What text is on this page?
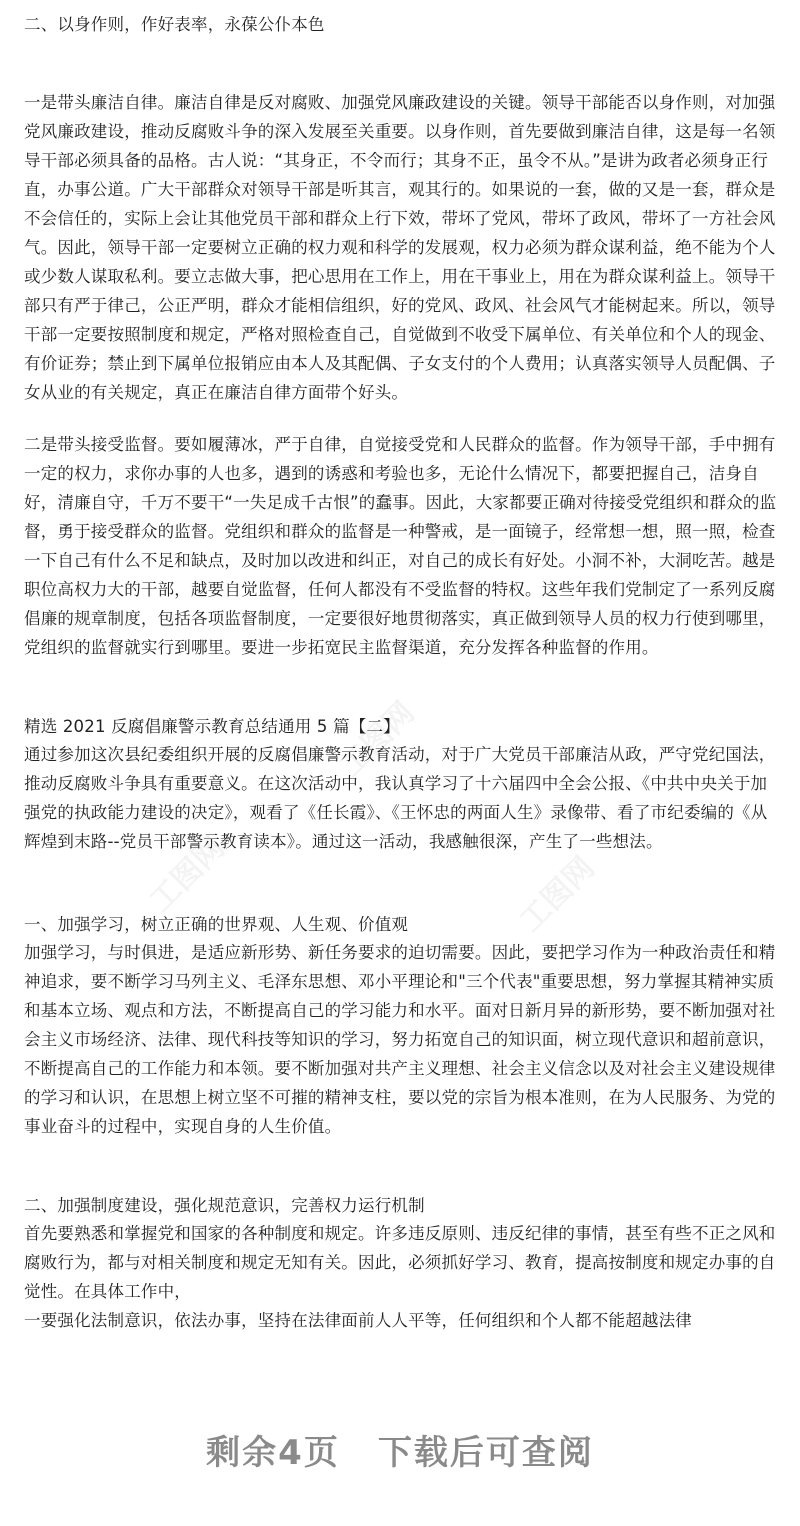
工图网
工图网	工图网
二、以身作则，作好表率，永葆公仆本色
一是带头廉洁自律。廉洁自律是反对腐败、加强党风廉政建设的关键。领导干部能否以身作则，对加强党风廉政建设，推动反腐败斗争的深入发展至关重要。以身作则，首先要做到廉洁自律，这是每一名领导干部必须具备的品格。古人说：“其身正，不令而行；其身不正，虽令不从。”是讲为政者必须身正行直，办事公道。广大干部群众对领导干部是听其言，观其行的。如果说的一套，做的又是一套，群众是不会信任的，实际上会让其他党员干部和群众上行下效，带坏了党风，带坏了政风，带坏了一方社会风气。因此，领导干部一定要树立正确的权力观和科学的发展观，权力必须为群众谋利益，绝不能为个人或少数人谋取私利。要立志做大事，把心思用在工作上，用在干事业上，用在为群众谋利益上。领导干部只有严于律己，公正严明，群众才能相信组织，好的党风、政风、社会风气才能树起来。所以，领导干部一定要按照制度和规定，严格对照检查自己，自觉做到不收受下属单位、有关单位和个人的现金、有价证券；禁止到下属单位报销应由本人及其配偶、子女支付的个人费用；认真落实领导人员配偶、子女从业的有关规定，真正在廉洁自律方面带个好头。
二是带头接受监督。要如履薄冰，严于自律，自觉接受党和人民群众的监督。作为领导干部，手中拥有一定的权力，求你办事的人也多，遇到的诱惑和考验也多，无论什么情况下，都要把握自己，洁身自好，清廉自守，千万不要干“一失足成千古恨”的蠢事。因此，大家都要正确对待接受党组织和群众的监督，勇于接受群众的监督。党组织和群众的监督是一种警戒，是一面镜子，经常想一想，照一照，检查一下自己有什么不足和缺点，及时加以改进和纠正，对自己的成长有好处。小洞不补，大洞吃苦。越是职位高权力大的干部，越要自觉监督，任何人都没有不受监督的特权。这些年我们党制定了一系列反腐倡廉的规章制度，包括各项监督制度，一定要很好地贯彻落实，真正做到领导人员的权力行使到哪里，党组织的监督就实行到哪里。要进一步拓宽民主监督渠道，充分发挥各种监督的作用。
精选 2021 反腐倡廉警示教育总结通用 5 篇【二】
通过参加这次县纪委组织开展的反腐倡廉警示教育活动，对于广大党员干部廉洁从政，严守党纪国法，推动反腐败斗争具有重要意义。在这次活动中，我认真学习了十六届四中全会公报、《中共中央关于加强党的执政能力建设的决定》，观看了《任长霞》、《王怀忠的两面人生》录像带、看了市纪委编的《从辉煌到末路--党员干部警示教育读本》。通过这一活动，我感触很深，产生了一些想法。
一、加强学习，树立正确的世界观、人生观、价值观
加强学习，与时俱进，是适应新形势、新任务要求的迫切需要。因此，要把学习作为一种政治责任和精神追求，要不断学习马列主义、毛泽东思想、邓小平理论和"三个代表"重要思想，努力掌握其精神实质和基本立场、观点和方法，不断提高自己的学习能力和水平。面对日新月异的新形势，要不断加强对社会主义市场经济、法律、现代科技等知识的学习，努力拓宽自己的知识面，树立现代意识和超前意识，不断提高自己的工作能力和本领。要不断加强对共产主义理想、社会主义信念以及对社会主义建设规律的学习和认识，在思想上树立坚不可摧的精神支柱，要以党的宗旨为根本准则，在为人民服务、为党的事业奋斗的过程中，实现自身的人生价值。
二、加强制度建设，强化规范意识，完善权力运行机制
首先要熟悉和掌握党和国家的各种制度和规定。许多违反原则、违反纪律的事情，甚至有些不正之风和腐败行为，都与对相关制度和规定无知有关。因此，必须抓好学习、教育，提高按制度和规定办事的自觉性。在具体工作中，
一要强化法制意识，依法办事，坚持在法律面前人人平等，任何组织和个人都不能超越法律
剩余4页 下载后可查阅
